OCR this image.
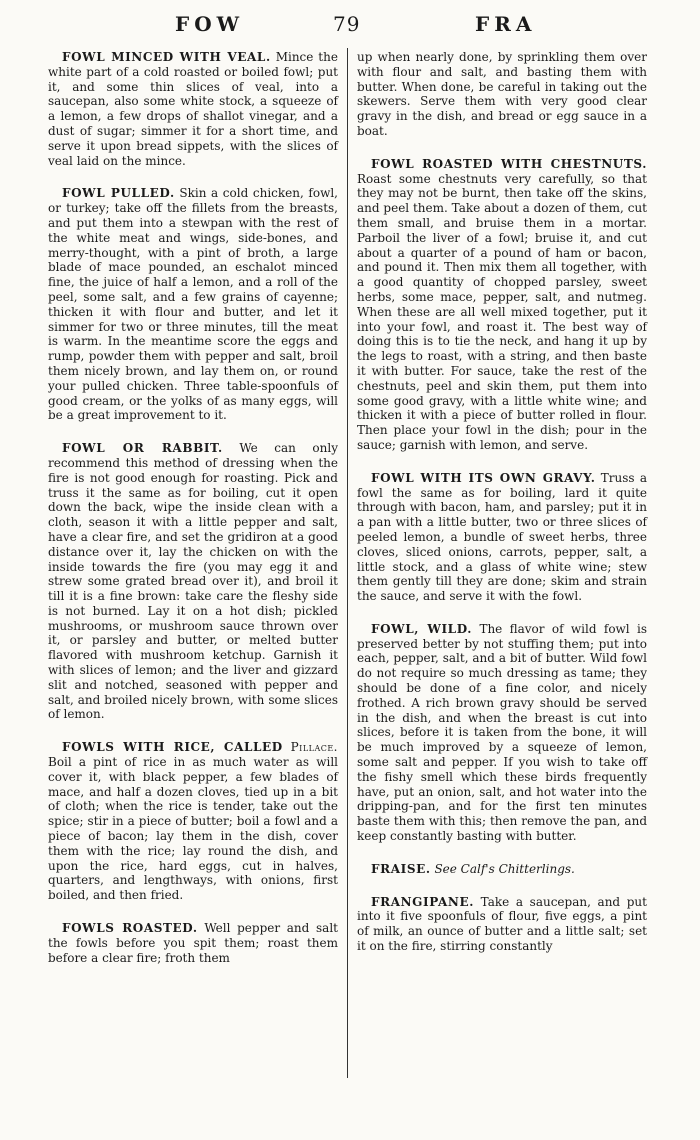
FOW	79	FRA

FOWL MINCED WITH VEAL. Mince the white part of a cold roasted or boiled fowl; put it, and some thin slices of veal, into a saucepan, also some white stock, a squeeze of a lemon, a few drops of shallot vinegar, and a dust of sugar; simmer it for a short time, and serve it upon bread sippets, with the slices of veal laid on the mince.

FOWL PULLED. Skin a cold chicken, fowl, or turkey; take off the fillets from the breasts, and put them into a stewpan with the rest of the white meat and wings, side-bones, and merry-thought, with a pint of broth, a large blade of mace pounded, an eschalot minced fine, the juice of half a lemon, and a roll of the peel, some salt, and a few grains of cayenne; thicken it with flour and butter, and let it simmer for two or three minutes, till the meat is warm. In the meantime score the eggs and rump, powder them with pepper and salt, broil them nicely brown, and lay them on, or round your pulled chicken. Three table-spoonfuls of good cream, or the yolks of as many eggs, will be a great improvement to it.

FOWL OR RABBIT. We can only recommend this method of dressing when the fire is not good enough for roasting. Pick and truss it the same as for boiling, cut it open down the back, wipe the inside clean with a cloth, season it with a little pepper and salt, have a clear fire, and set the gridiron at a good distance over it, lay the chicken on with the inside towards the fire (you may egg it and strew some grated bread over it), and broil it till it is a fine brown: take care the fleshy side is not burned. Lay it on a hot dish; pickled mushrooms, or mushroom sauce thrown over it, or parsley and butter, or melted butter flavored with mushroom ketchup. Garnish it with slices of lemon; and the liver and gizzard slit and notched, seasoned with pepper and salt, and broiled nicely brown, with some slices of lemon.

FOWLS WITH RICE, CALLED Pillace. Boil a pint of rice in as much water as will cover it, with black pepper, a few blades of mace, and half a dozen cloves, tied up in a bit of cloth; when the rice is tender, take out the spice; stir in a piece of butter; boil a fowl and a piece of bacon; lay them in the dish, cover them with the rice; lay round the dish, and upon the rice, hard eggs, cut in halves, quarters, and lengthways, with onions, first boiled, and then fried.

FOWLS ROASTED. Well pepper and salt the fowls before you spit them; roast them before a clear fire; froth them

up when nearly done, by sprinkling them over with flour and salt, and basting them with butter. When done, be careful in taking out the skewers. Serve them with very good clear gravy in the dish, and bread or egg sauce in a boat.

FOWL ROASTED WITH CHESTNUTS. Roast some chestnuts very carefully, so that they may not be burnt, then take off the skins, and peel them. Take about a dozen of them, cut them small, and bruise them in a mortar. Parboil the liver of a fowl; bruise it, and cut about a quarter of a pound of ham or bacon, and pound it. Then mix them all together, with a good quantity of chopped parsley, sweet herbs, some mace, pepper, salt, and nutmeg. When these are all well mixed together, put it into your fowl, and roast it. The best way of doing this is to tie the neck, and hang it up by the legs to roast, with a string, and then baste it with butter. For sauce, take the rest of the chestnuts, peel and skin them, put them into some good gravy, with a little white wine; and thicken it with a piece of butter rolled in flour. Then place your fowl in the dish; pour in the sauce; garnish with lemon, and serve.

FOWL WITH ITS OWN GRAVY. Truss a fowl the same as for boiling, lard it quite through with bacon, ham, and parsley; put it in a pan with a little butter, two or three slices of peeled lemon, a bundle of sweet herbs, three cloves, sliced onions, carrots, pepper, salt, a little stock, and a glass of white wine; stew them gently till they are done; skim and strain the sauce, and serve it with the fowl.

FOWL, WILD. The flavor of wild fowl is preserved better by not stuffing them; put into each, pepper, salt, and a bit of butter. Wild fowl do not require so much dressing as tame; they should be done of a fine color, and nicely frothed. A rich brown gravy should be served in the dish, and when the breast is cut into slices, before it is taken from the bone, it will be much improved by a squeeze of lemon, some salt and pepper. If you wish to take off the fishy smell which these birds frequently have, put an onion, salt, and hot water into the dripping-pan, and for the first ten minutes baste them with this; then remove the pan, and keep constantly basting with butter.

FRAISE. See Calf's Chitterlings.

FRANGIPANE. Take a saucepan, and put into it five spoonfuls of flour, five eggs, a pint of milk, an ounce of butter and a little salt; set it on the fire, stirring constantly
